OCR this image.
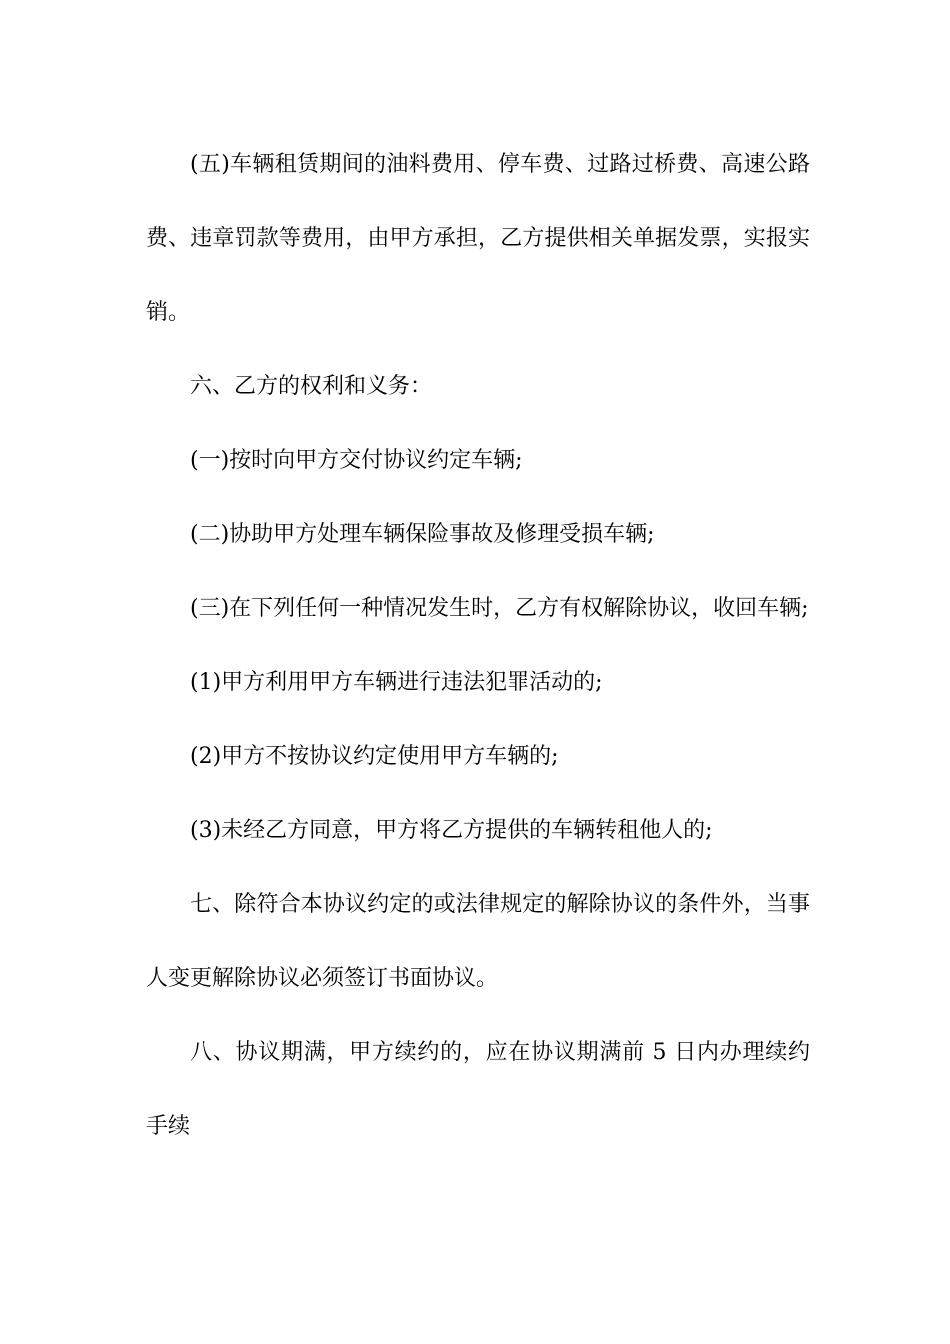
(五)车辆租赁期间的油料费用、停车费、过路过桥费、高速公路费、违章罚款等费用，由甲方承担，乙方提供相关单据发票，实报实销。

六、乙方的权利和义务：

(一)按时向甲方交付协议约定车辆;

(二)协助甲方处理车辆保险事故及修理受损车辆;

(三)在下列任何一种情况发生时，乙方有权解除协议，收回车辆;

(1)甲方利用甲方车辆进行违法犯罪活动的;

(2)甲方不按协议约定使用甲方车辆的;

(3)未经乙方同意，甲方将乙方提供的车辆转租他人的;

七、除符合本协议约定的或法律规定的解除协议的条件外，当事人变更解除协议必须签订书面协议。

八、协议期满，甲方续约的，应在协议期满前 5 日内办理续约手续
